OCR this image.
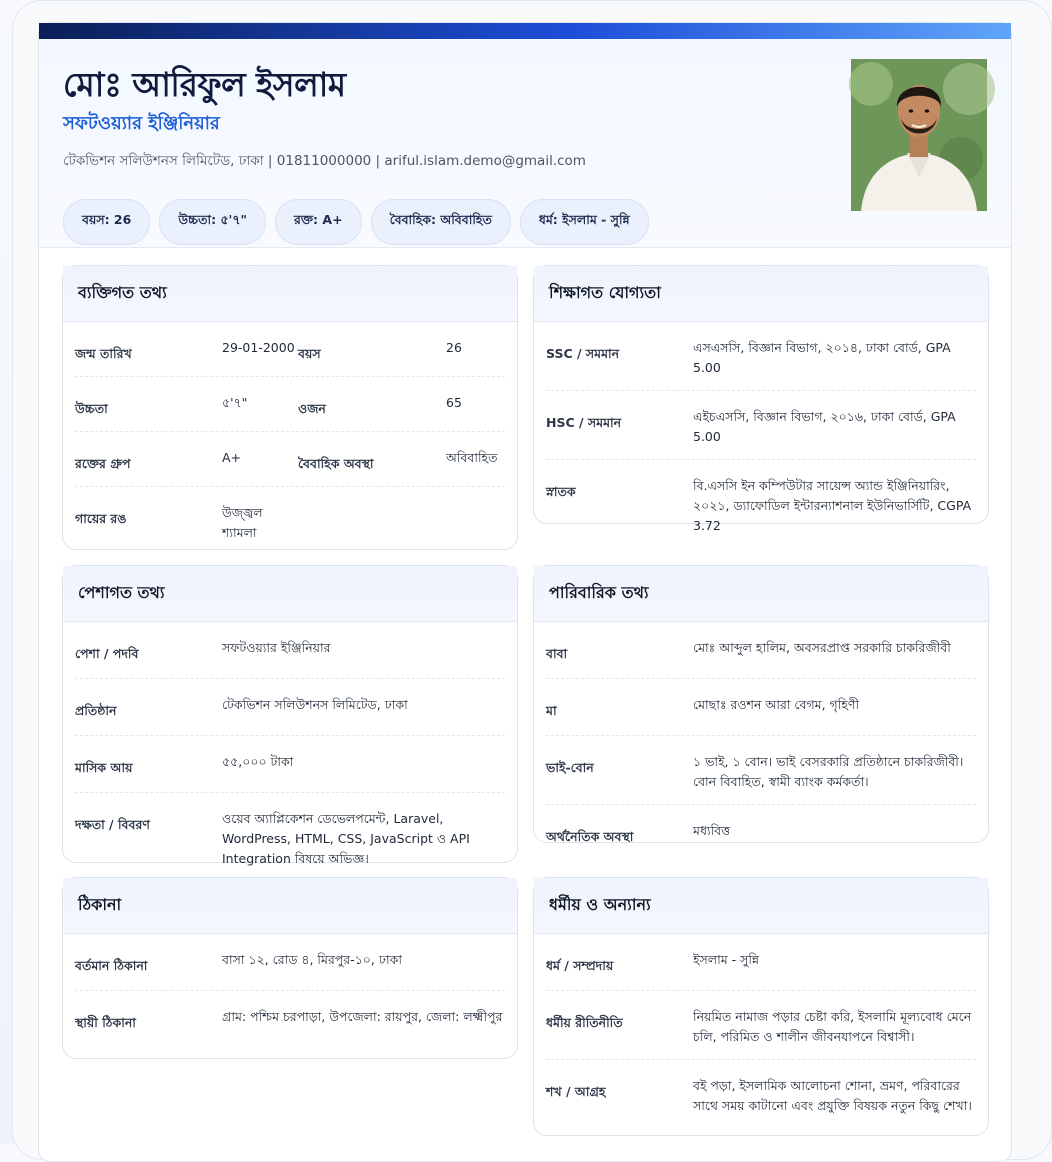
মোঃ আরিফুল ইসলাম
সফটওয়্যার ইঞ্জিনিয়ার
টেকভিশন সলিউশনস লিমিটেড, ঢাকা | 01811000000 | ariful.islam.demo@gmail.com
বয়স: 26	উচ্চতা: ৫'৭"	রক্ত: A+	বৈবাহিক: অবিবাহিত	ধর্ম: ইসলাম - সুন্নি
ব্যক্তিগত তথ্য
জন্ম তারিখ	29-01-2000 বয়স	26
উচ্চতা	৫'৭"	ওজন	65
রক্তের গ্রুপ	A+	বৈবাহিক অবস্থা	অবিবাহিত
গায়ের রঙ	উজ্জ্বল শ্যামলা
শিক্ষাগত যোগ্যতা
SSC / সমমান	এসএসসি, বিজ্ঞান বিভাগ, ২০১৪, ঢাকা বোর্ড, GPA 5.00
HSC / সমমান	এইচএসসি, বিজ্ঞান বিভাগ, ২০১৬, ঢাকা বোর্ড, GPA 5.00
স্নাতক	বি.এসসি ইন কম্পিউটার সায়েন্স অ্যান্ড ইঞ্জিনিয়ারিং, ২০২১, ড্যাফোডিল ইন্টারন্যাশনাল ইউনিভার্সিটি, CGPA 3.72
পেশাগত তথ্য
পেশা / পদবি	সফটওয়্যার ইঞ্জিনিয়ার
প্রতিষ্ঠান	টেকভিশন সলিউশনস লিমিটেড, ঢাকা
মাসিক আয়	৫৫,০০০ টাকা
দক্ষতা / বিবরণ	ওয়েব অ্যাপ্লিকেশন ডেভেলপমেন্ট, Laravel, WordPress, HTML, CSS, JavaScript ও API Integration বিষয়ে অভিজ্ঞ।
পারিবারিক তথ্য
বাবা	মোঃ আব্দুল হালিম, অবসরপ্রাপ্ত সরকারি চাকরিজীবী
মা	মোছাঃ রওশন আরা বেগম, গৃহিণী
ভাই-বোন	১ ভাই, ১ বোন। ভাই বেসরকারি প্রতিষ্ঠানে চাকরিজীবী। বোন বিবাহিত, স্বামী ব্যাংক কর্মকর্তা।
অর্থনৈতিক অবস্থা	মধ্যবিত্ত
ঠিকানা
বর্তমান ঠিকানা	বাসা ১২, রোড ৪, মিরপুর-১০, ঢাকা
স্থায়ী ঠিকানা	গ্রাম: পশ্চিম চরপাড়া, উপজেলা: রায়পুর, জেলা: লক্ষ্মীপুর
ধর্মীয় ও অন্যান্য
ধর্ম / সম্প্রদায়	ইসলাম - সুন্নি
ধর্মীয় রীতিনীতি	নিয়মিত নামাজ পড়ার চেষ্টা করি, ইসলামি মূল্যবোধ মেনে চলি, পরিমিত ও শালীন জীবনযাপনে বিশ্বাসী।
শখ / আগ্রহ	বই পড়া, ইসলামিক আলোচনা শোনা, ভ্রমণ, পরিবারের সাথে সময় কাটানো এবং প্রযুক্তি বিষয়ক নতুন কিছু শেখা।
